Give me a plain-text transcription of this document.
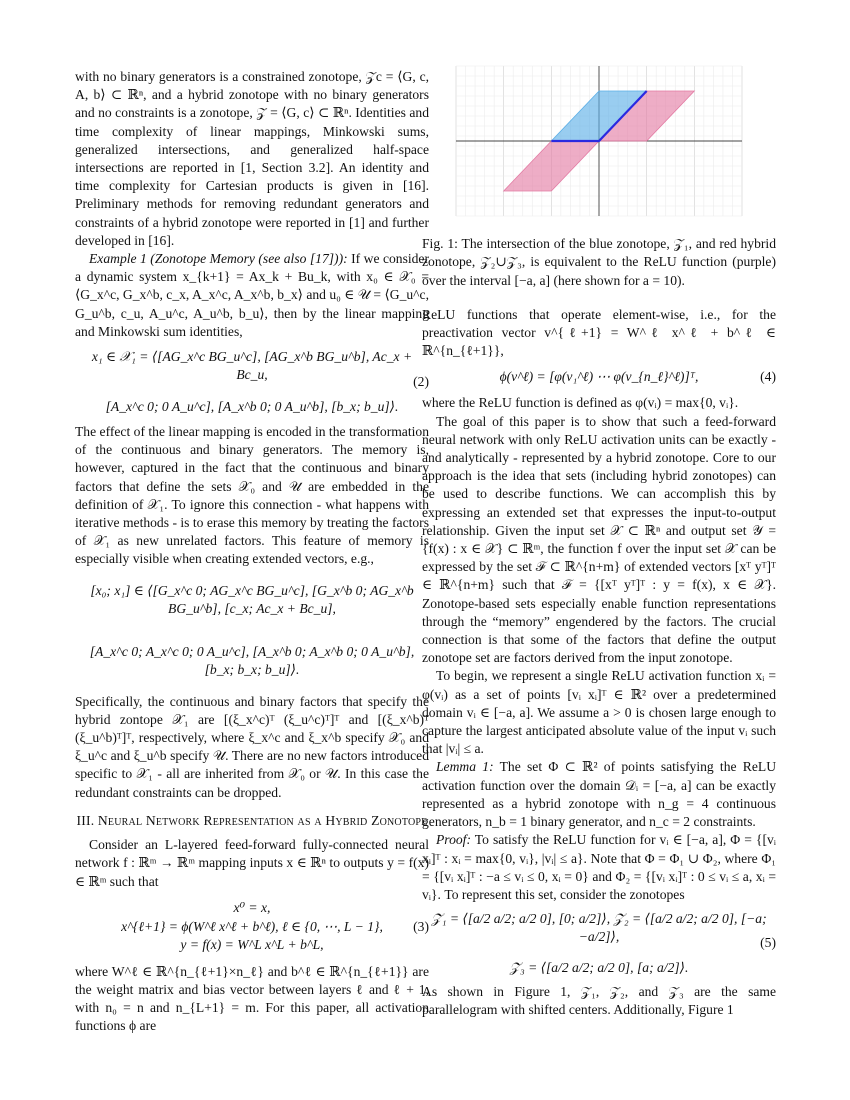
with no binary generators is a constrained zonotope, 𝒵c = ⟨G, c, A, b⟩ ⊂ ℝⁿ, and a hybrid zonotope with no binary generators and no constraints is a zonotope, 𝒵 = ⟨G, c⟩ ⊂ ℝⁿ. Identities and time complexity of linear mappings, Minkowski sums, generalized intersections, and generalized half-space intersections are reported in [1, Section 3.2]. An identity and time complexity for Cartesian products is given in [16]. Preliminary methods for removing redundant generators and constraints of a hybrid zonotope were reported in [1] and further developed in [16].

Example 1 (Zonotope Memory (see also [17])): If we consider a dynamic system x_{k+1} = Ax_k + Bu_k, with x₀ ∈ 𝒳₀ = ⟨G_x^c, G_x^b, c_x, A_x^c, A_x^b, b_x⟩ and u₀ ∈ 𝒰 = ⟨G_u^c, G_u^b, c_u, A_u^c, A_u^b, b_u⟩, then by the linear mapping and Minkowski sum identities,

x₁ ∈ 𝒳₁ = ⟨[AG_x^c BG_u^c], [AG_x^b BG_u^b], Ac_x + Bc_u,
[A_x^c 0; 0 A_u^c], [A_x^b 0; 0 A_u^b], [b_x; b_u]⟩.
(2)

The effect of the linear mapping is encoded in the transformation of the continuous and binary generators. The memory is, however, captured in the fact that the continuous and binary factors that define the sets 𝒳₀ and 𝒰 are embedded in the definition of 𝒳₁. To ignore this connection - what happens with iterative methods - is to erase this memory by treating the factors of 𝒳₁ as new unrelated factors. This feature of memory is especially visible when creating extended vectors, e.g.,

[x₀; x₁] ∈ ⟨[G_x^c 0; AG_x^c BG_u^c], [G_x^b 0; AG_x^b BG_u^b], [c_x; Ac_x + Bc_u],
[A_x^c 0; A_x^c 0; 0 A_u^c], [A_x^b 0; A_x^b 0; 0 A_u^b], [b_x; b_x; b_u]⟩.

Specifically, the continuous and binary factors that specify the hybrid zontope 𝒳₁ are [(ξ_x^c)ᵀ (ξ_u^c)ᵀ]ᵀ and [(ξ_x^b)ᵀ (ξ_u^b)ᵀ]ᵀ, respectively, where ξ_x^c and ξ_x^b specify 𝒳₀ and ξ_u^c and ξ_u^b specify 𝒰. There are no new factors introduced specific to 𝒳₁ - all are inherited from 𝒳₀ or 𝒰. In this case the redundant constraints can be dropped.

III. Neural Network Representation as a Hybrid Zonotope

Consider an L-layered feed-forward fully-connected neural network f : ℝᵐ → ℝᵐ mapping inputs x ∈ ℝⁿ to outputs y = f(x) ∈ ℝᵐ such that

x⁰ = x,
x^{ℓ+1} = ϕ(W^ℓ x^ℓ + b^ℓ), ℓ ∈ {0, ⋯, L − 1},
y = f(x) = W^L x^L + b^L,
(3)

where W^ℓ ∈ ℝ^{n_{ℓ+1}×n_ℓ} and b^ℓ ∈ ℝ^{n_{ℓ+1}} are the weight matrix and bias vector between layers ℓ and ℓ + 1, with n₀ = n and n_{L+1} = m. For this paper, all activation functions ϕ are

Fig. 1: The intersection of the blue zonotope, 𝒵₁, and red hybrid zonotope, 𝒵₂∪𝒵₃, is equivalent to the ReLU function (purple) over the interval [−a, a] (here shown for a = 10).

ReLU functions that operate element-wise, i.e., for the preactivation vector v^{ℓ+1} = W^ℓ x^ℓ + b^ℓ ∈ ℝ^{n_{ℓ+1}},

ϕ(v^ℓ) = [φ(v₁^ℓ) ⋯ φ(v_{n_ℓ}^ℓ)]ᵀ,	(4)

where the ReLU function is defined as φ(vᵢ) = max{0, vᵢ}.

The goal of this paper is to show that such a feed-forward neural network with only ReLU activation units can be exactly - and analytically - represented by a hybrid zonotope. Core to our approach is the idea that sets (including hybrid zonotopes) can be used to describe functions. We can accomplish this by expressing an extended set that expresses the input-to-output relationship. Given the input set 𝒳 ⊂ ℝⁿ and output set 𝒴 = {f(x) : x ∈ 𝒳} ⊂ ℝᵐ, the function f over the input set 𝒳 can be expressed by the set ℱ ⊂ ℝ^{n+m} of extended vectors [xᵀ yᵀ]ᵀ ∈ ℝ^{n+m} such that ℱ = {[xᵀ yᵀ]ᵀ : y = f(x), x ∈ 𝒳}. Zonotope-based sets especially enable function representations through the “memory” engendered by the factors. The crucial connection is that some of the factors that define the output zonotope set are factors derived from the input zonotope.

To begin, we represent a single ReLU activation function xᵢ = φ(vᵢ) as a set of points [vᵢ xᵢ]ᵀ ∈ ℝ² over a predetermined domain vᵢ ∈ [−a, a]. We assume a > 0 is chosen large enough to capture the largest anticipated absolute value of the input vᵢ such that |vᵢ| ≤ a.

Lemma 1: The set Φ ⊂ ℝ² of points satisfying the ReLU activation function over the domain 𝒟ᵢ = [−a, a] can be exactly represented as a hybrid zonotope with n_g = 4 continuous generators, n_b = 1 binary generator, and n_c = 2 constraints.

Proof: To satisfy the ReLU function for vᵢ ∈ [−a, a], Φ = {[vᵢ xᵢ]ᵀ : xᵢ = max{0, vᵢ}, |vᵢ| ≤ a}. Note that Φ = Φ₁ ∪ Φ₂, where Φ₁ = {[vᵢ xᵢ]ᵀ : −a ≤ vᵢ ≤ 0, xᵢ = 0} and Φ₂ = {[vᵢ xᵢ]ᵀ : 0 ≤ vᵢ ≤ a, xᵢ = vᵢ}. To represent this set, consider the zonotopes

𝒵₁ = ⟨[a/2 a/2; a/2 0], [0; a/2]⟩, 𝒵₂ = ⟨[a/2 a/2; a/2 0], [−a; −a/2]⟩,
𝒵₃ = ⟨[a/2 a/2; a/2 0], [a; a/2]⟩.
(5)

As shown in Figure 1, 𝒵₁, 𝒵₂, and 𝒵₃ are the same parallelogram with shifted centers. Additionally, Figure 1
